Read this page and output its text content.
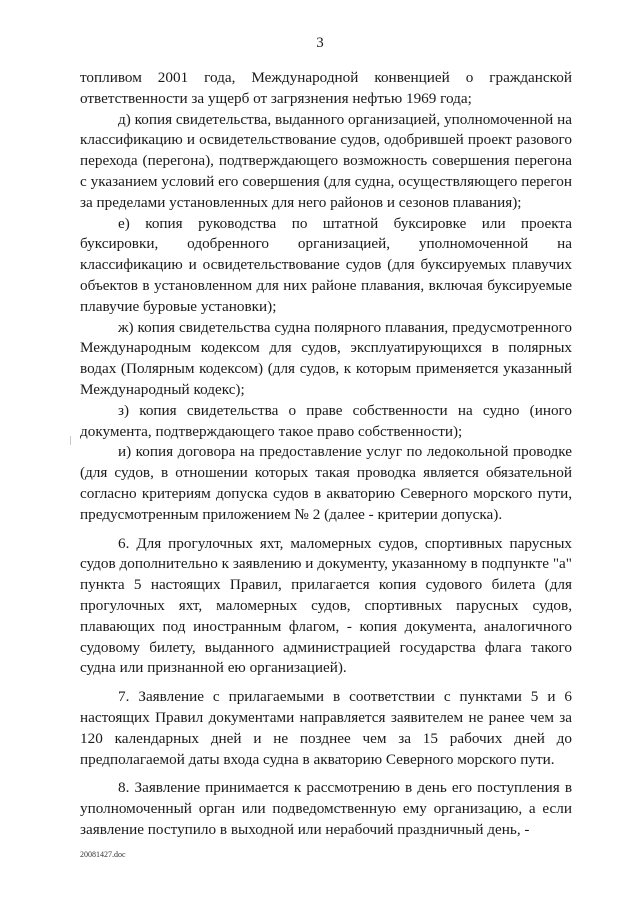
3

топливом 2001 года, Международной конвенцией о гражданской ответственности за ущерб от загрязнения нефтью 1969 года;

д) копия свидетельства, выданного организацией, уполномоченной на классификацию и освидетельствование судов, одобрившей проект разового перехода (перегона), подтверждающего возможность совершения перегона с указанием условий его совершения (для судна, осуществляющего перегон за пределами установленных для него районов и сезонов плавания);

е) копия руководства по штатной буксировке или проекта буксировки, одобренного организацией, уполномоченной на классификацию и освидетельствование судов (для буксируемых плавучих объектов в установленном для них районе плавания, включая буксируемые плавучие буровые установки);

ж) копия свидетельства судна полярного плавания, предусмотренного Международным кодексом для судов, эксплуатирующихся в полярных водах (Полярным кодексом) (для судов, к которым применяется указанный Международный кодекс);

з) копия свидетельства о праве собственности на судно (иного документа, подтверждающего такое право собственности);

и) копия договора на предоставление услуг по ледокольной проводке (для судов, в отношении которых такая проводка является обязательной согласно критериям допуска судов в акваторию Северного морского пути, предусмотренным приложением № 2 (далее - критерии допуска).

6. Для прогулочных яхт, маломерных судов, спортивных парусных судов дополнительно к заявлению и документу, указанному в подпункте "а" пункта 5 настоящих Правил, прилагается копия судового билета (для прогулочных яхт, маломерных судов, спортивных парусных судов, плавающих под иностранным флагом, - копия документа, аналогичного судовому билету, выданного администрацией государства флага такого судна или признанной ею организацией).

7. Заявление с прилагаемыми в соответствии с пунктами 5 и 6 настоящих Правил документами направляется заявителем не ранее чем за 120 календарных дней и не позднее чем за 15 рабочих дней до предполагаемой даты входа судна в акваторию Северного морского пути.

8. Заявление принимается к рассмотрению в день его поступления в уполномоченный орган или подведомственную ему организацию, а если заявление поступило в выходной или нерабочий праздничный день, -

20081427.doc
